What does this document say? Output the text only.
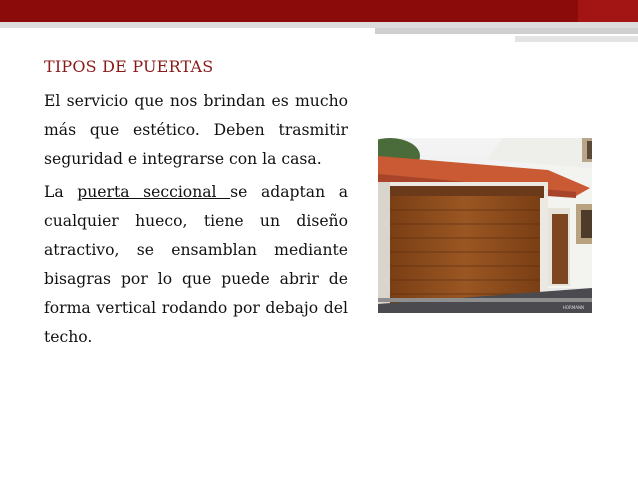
TIPOS DE PUERTAS

El servicio que nos brindan es mucho más que estético. Deben trasmitir seguridad e integrarse con la casa.

La puerta seccional se adaptan a cualquier hueco, tiene un diseño atractivo, se ensamblan mediante bisagras por lo que puede abrir de forma vertical rodando por debajo del techo.

HORMANN
